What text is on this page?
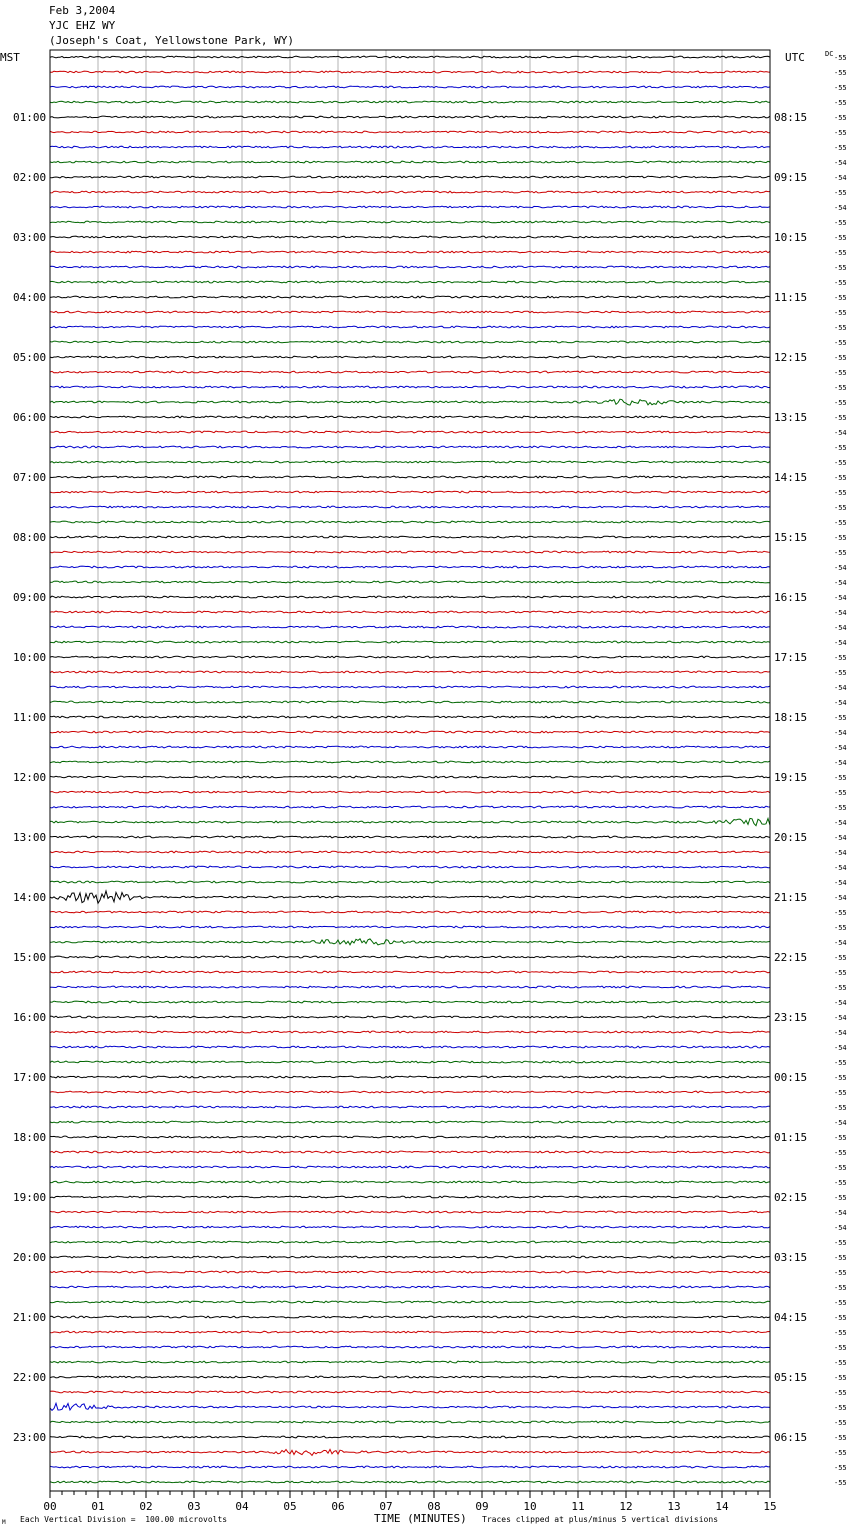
Feb 3,2004
YJC EHZ WY
(Joseph's Coat, Yellowstone Park, WY)
-55
-55
-55
-55
-55
-55
-55
-54
-54
-55
-54
-55
-55
-55
-55
-55
-55
-55
-55
-55
-55
-55
-55
-55
-55
-54
-55
-55
-55
-55
-55
-55
-55
-55
-54
-54
-54
-54
-54
-54
-55
-55
-54
-54
-55
-54
-54
-54
-55
-55
-55
-54
-54
-54
-54
-54
-54
-55
-55
-54
-55
-55
-55
-54
-54
-54
-54
-55
-55
-55
-55
-54
-55
-55
-55
-55
-55
-54
-54
-55
-55
-55
-55
-55
-55
-55
-55
-55
-55
-55
-55
-55
-55
-55
-55
-55
01:00
02:00
03:00
04:00
05:00
06:00
07:00
08:00
09:00
10:00
11:00
12:00
13:00
14:00
15:00
16:00
17:00
18:00
19:00
20:00
21:00
22:00
23:00
08:15
09:15
10:15
11:15
12:15
13:15
14:15
15:15
16:15
17:15
18:15
19:15
20:15
21:15
22:15
23:15
00:15
01:15
02:15
03:15
04:15
05:15
06:15
00	01	02	03	04	05	06	07	08	09	10	11	12	13	14	15
MST	UTC	DC
M Each Vertical Division =  100.00 microvolts	TIME (MINUTES) Traces clipped at plus/minus 5 vertical divisions
